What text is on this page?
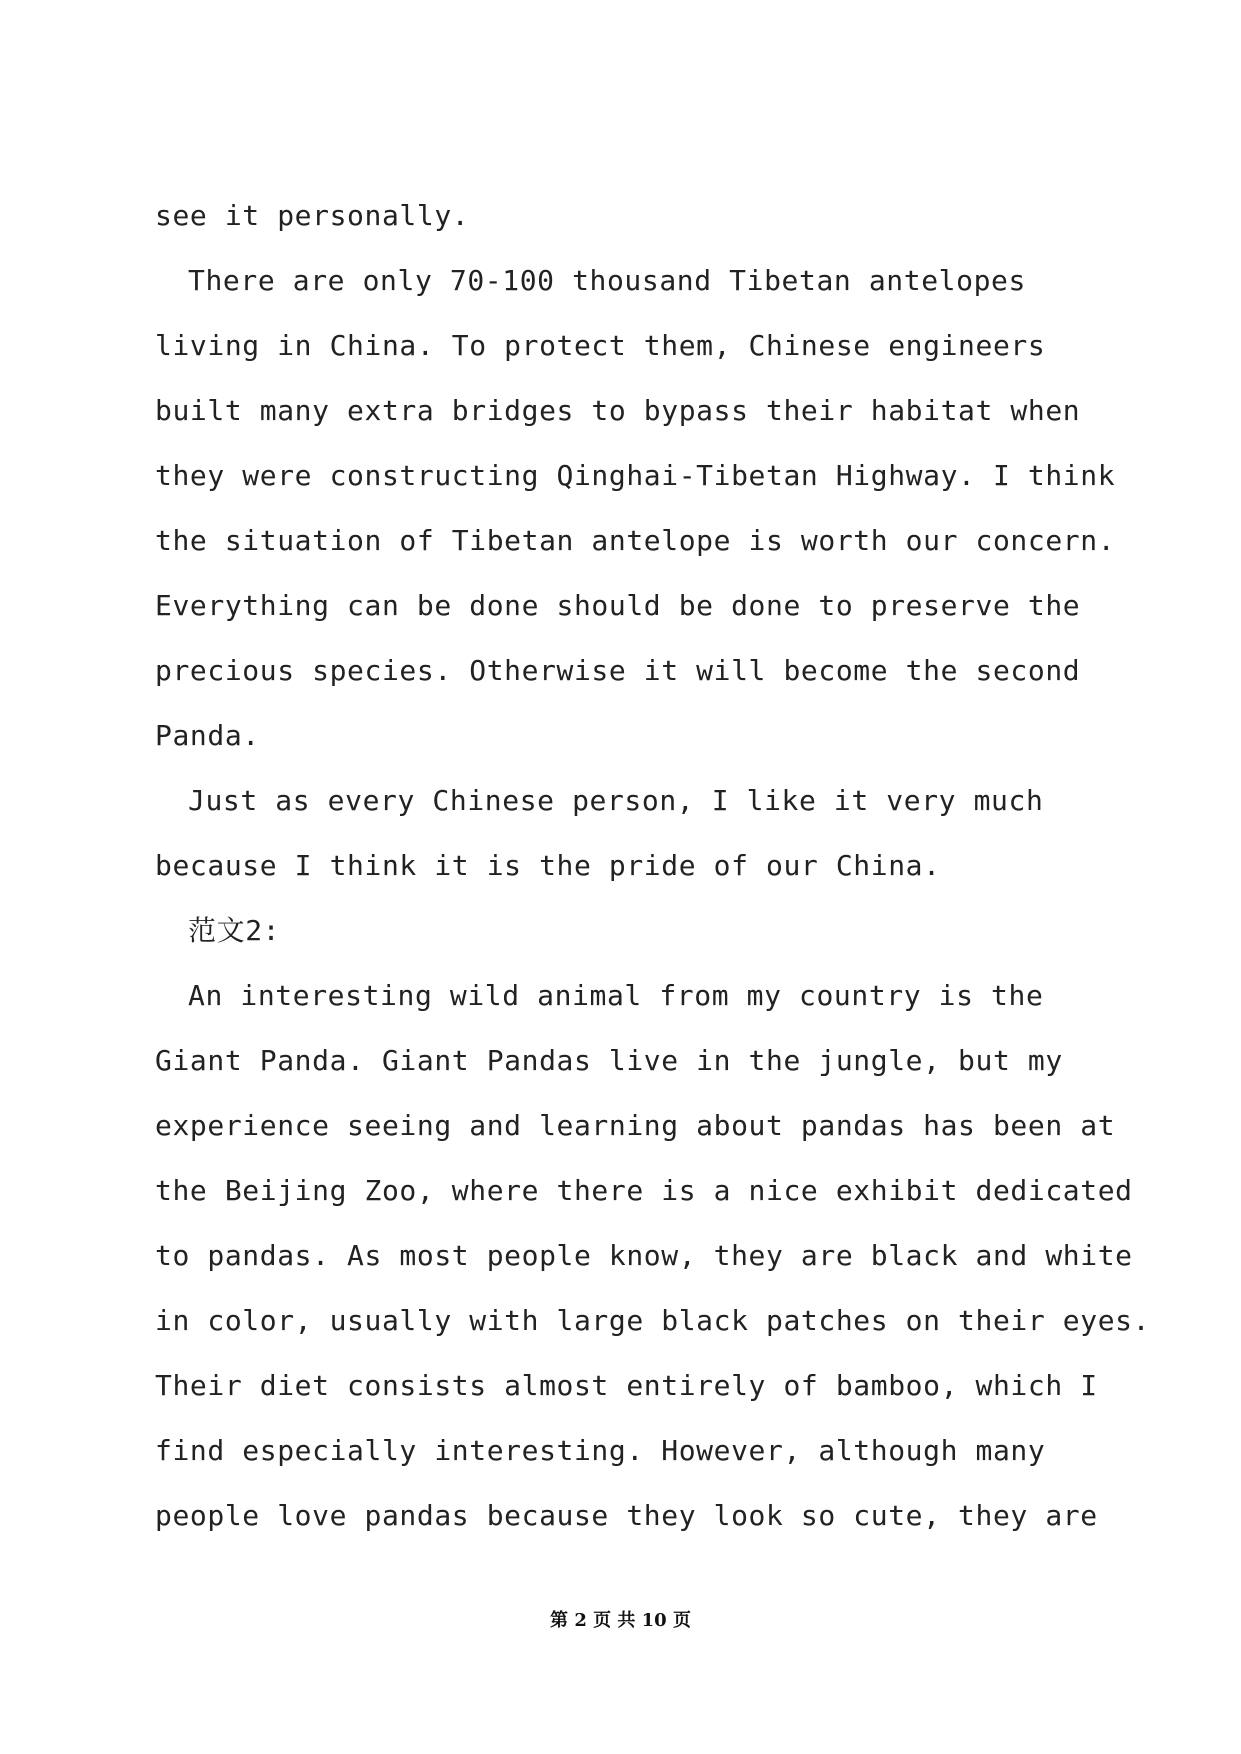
see it personally.
There are only 70-100 thousand Tibetan antelopes
living in China. To protect them, Chinese engineers
built many extra bridges to bypass their habitat when
they were constructing Qinghai-Tibetan Highway. I think
the situation of Tibetan antelope is worth our concern.
Everything can be done should be done to preserve the
precious species. Otherwise it will become the second
Panda.
Just as every Chinese person, I like it very much
because I think it is the pride of our China.
范文2:
An interesting wild animal from my country is the
Giant Panda. Giant Pandas live in the jungle, but my
experience seeing and learning about pandas has been at
the Beijing Zoo, where there is a nice exhibit dedicated
to pandas. As most people know, they are black and white
in color, usually with large black patches on their eyes.
Their diet consists almost entirely of bamboo, which I
find especially interesting. However, although many
people love pandas because they look so cute, they are
第 2 页 共 10 页
